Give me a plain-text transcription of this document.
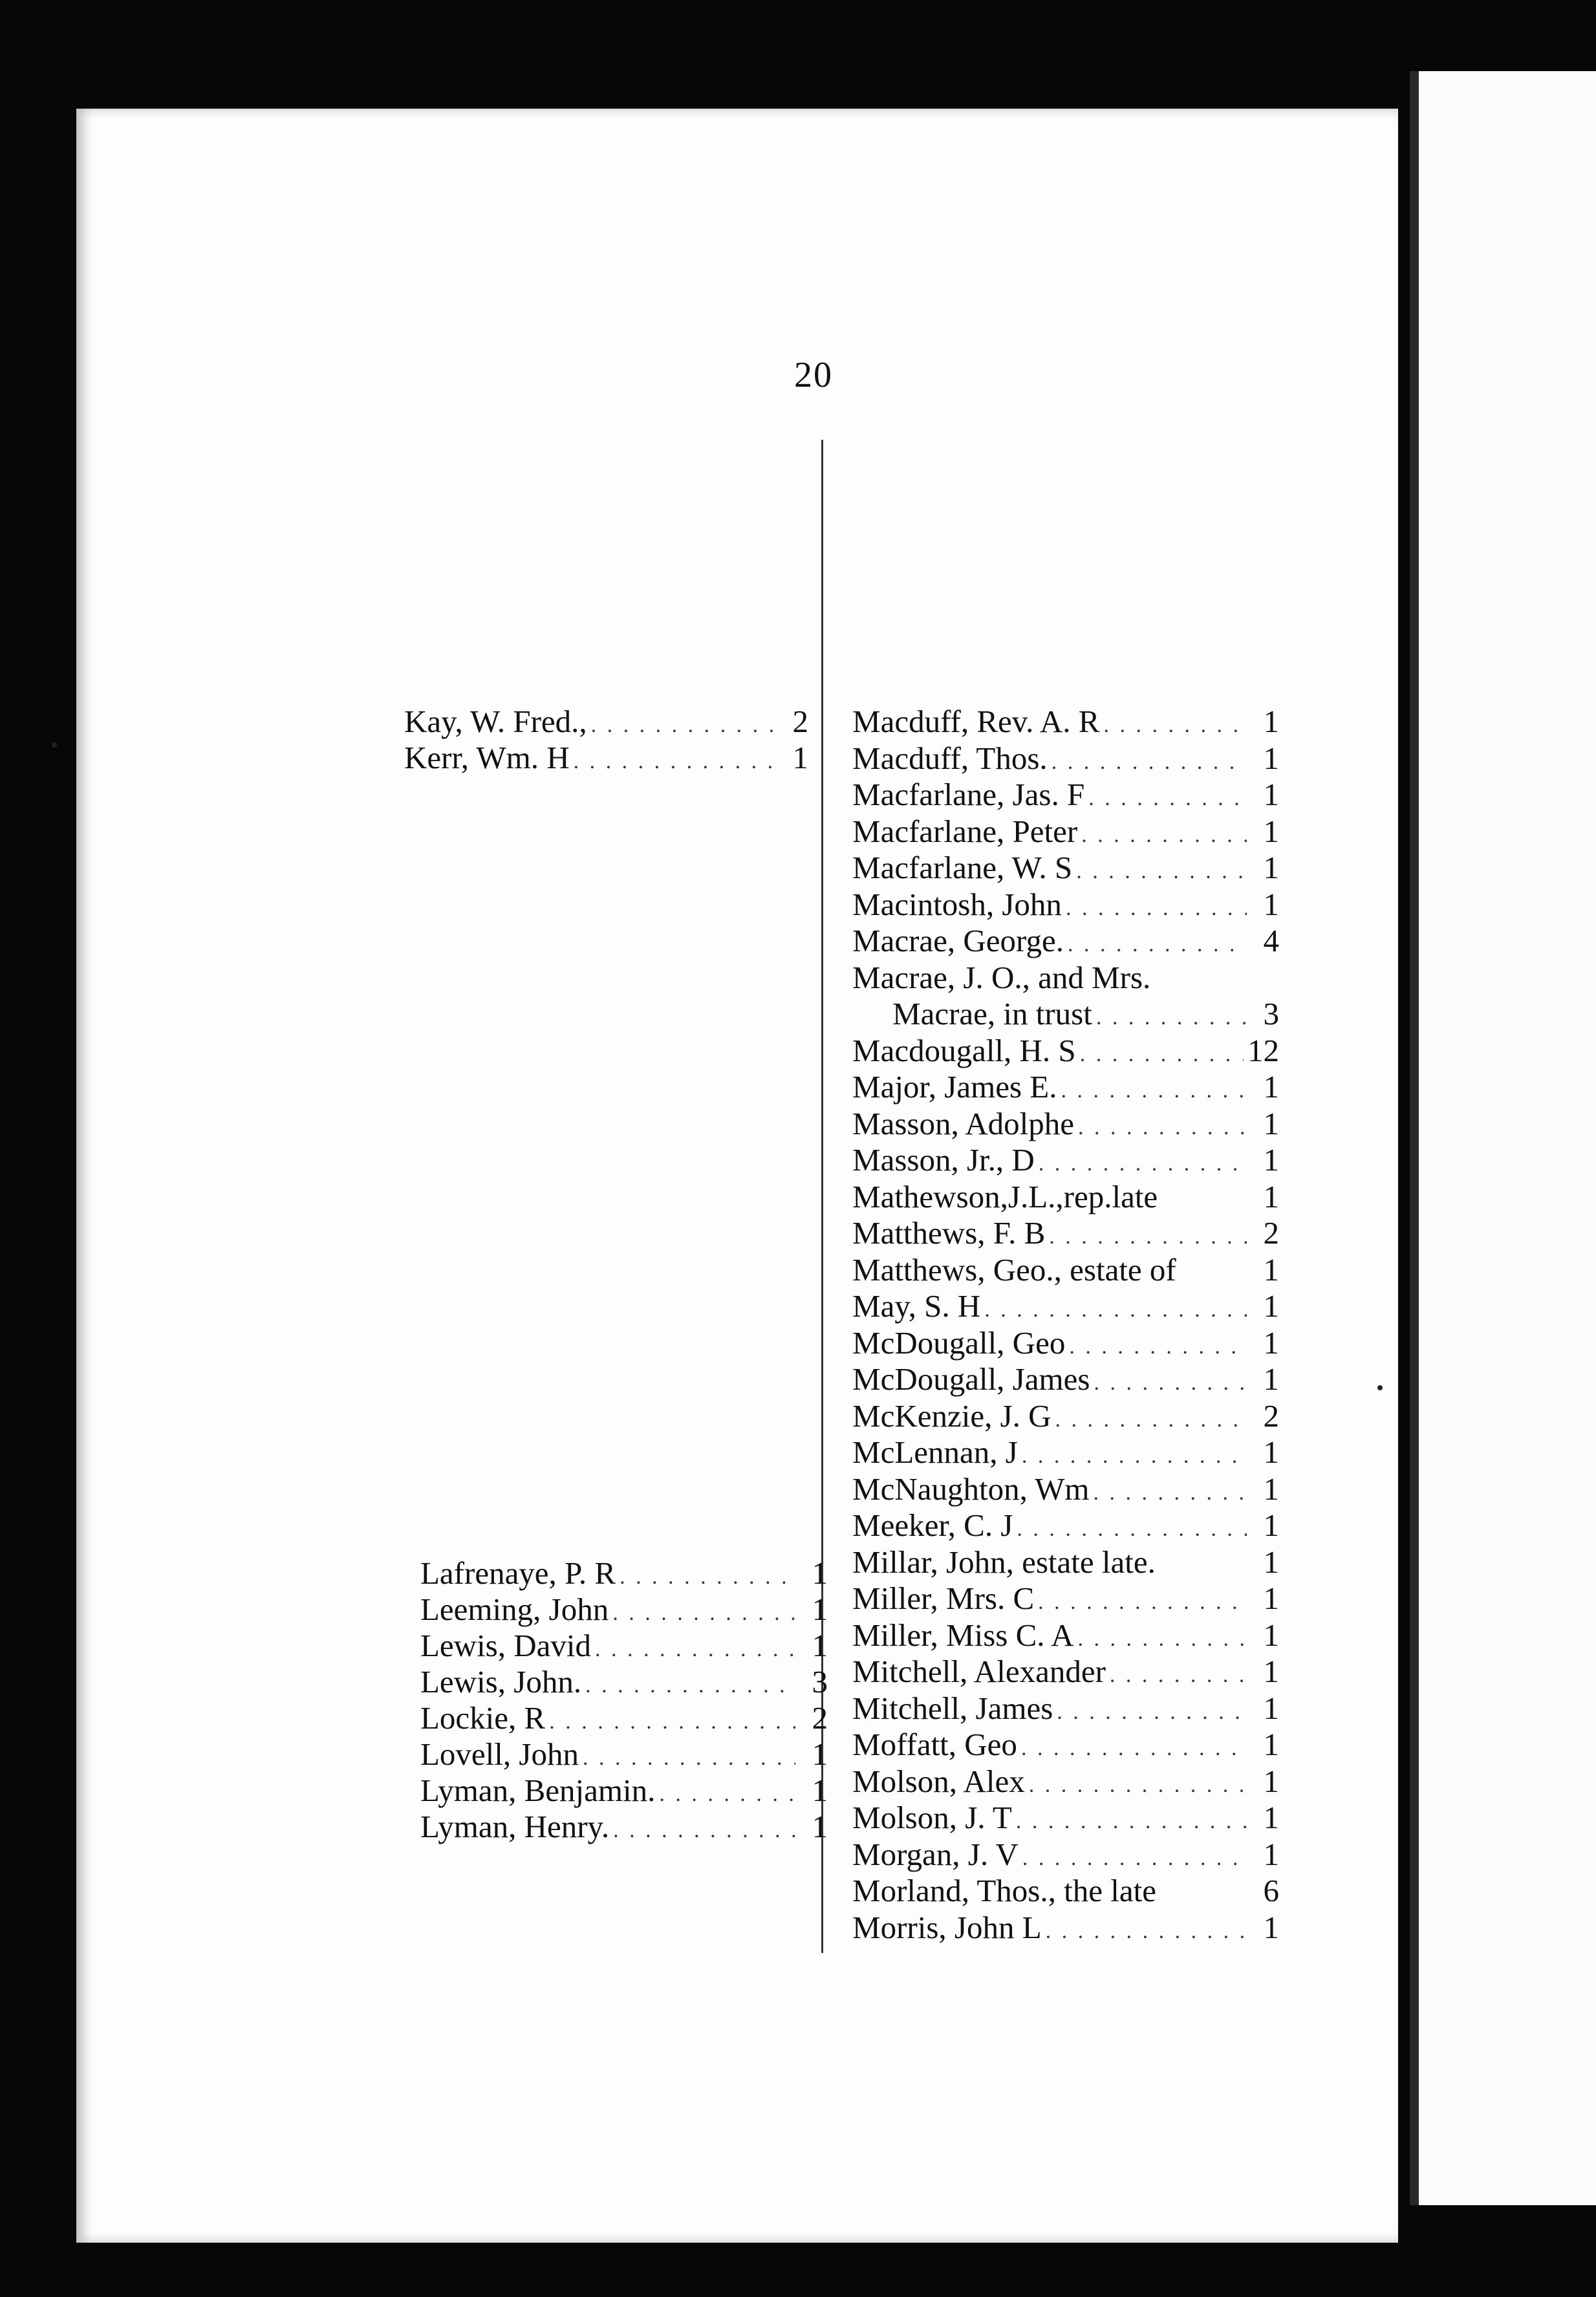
20
Kay, W. Fred., . . .	2
Kerr, Wm. H . . .	1
Lafrenaye, P. R . . .	1
Leeming, John . . .	1
Lewis, David . . .	1
Lewis, John. . . .	3
Lockie, R . . .	2
Lovell, John . . .	1
Lyman, Benjamin. . . .	1
Lyman, Henry. . . .	1
Macduff, Rev. A. R . . .	1
Macduff, Thos. . . .	1
Macfarlane, Jas. F . . .	1
Macfarlane, Peter . . .	1
Macfarlane, W. S . . .	1
Macintosh, John . . .	1
Macrae, George. . . .	4
Macrae, J. O., and Mrs.
Macrae, in trust . . .	3
Macdougall, H. S . . .	12
Major, James E. . . .	1
Masson, Adolphe . . .	1
Masson, Jr., D . . .	1
Mathewson,J.L.,rep.late	1
Matthews, F. B . . .	2
Matthews, Geo., estate of	1
May, S. H . . .	1
McDougall, Geo . . .	1
McDougall, James . . .	1
McKenzie, J. G . . .	2
McLennan, J . . .	1
McNaughton, Wm . . .	1
Meeker, C. J . . .	1
Millar, John, estate late.	1
Miller, Mrs. C . . .	1
Miller, Miss C. A . . .	1
Mitchell, Alexander . . .	1
Mitchell, James . . .	1
Moffatt, Geo . . .	1
Molson, Alex . . .	1
Molson, J. T . . .	1
Morgan, J. V . . .	1
Morland, Thos., the late	6
Morris, John L . . .	1
